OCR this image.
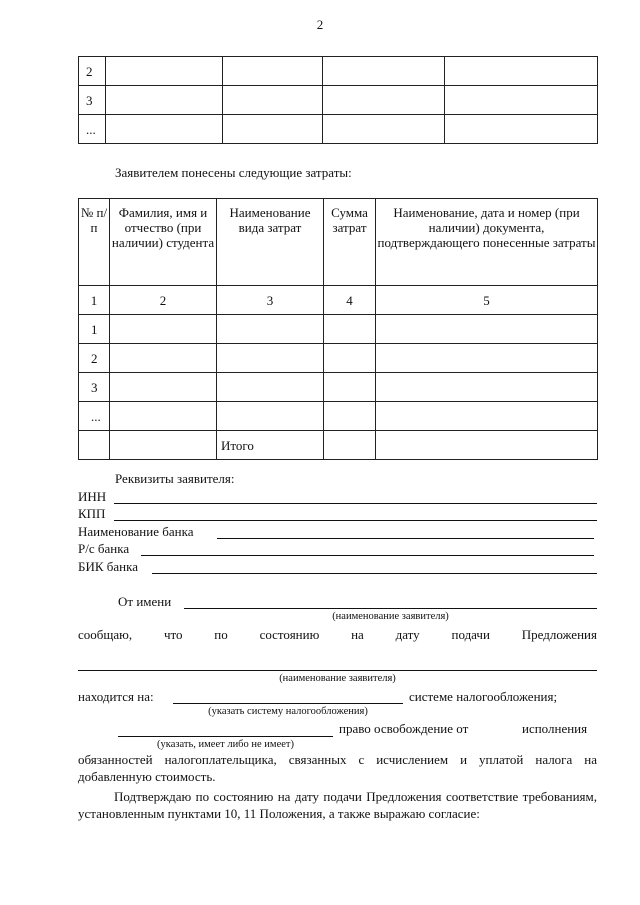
2
2				
3				
...				
Заявителем понесены следующие затраты:
№ п/п	Фамилия, имя и отчество (при наличии) студента	Наименование вида затрат	Сумма затрат	Наименование, дата и номер (при наличии) документа, подтверждающего понесенные затраты
1	2	3	4	5
1				
2				
3				
...				
		Итого		
Реквизиты заявителя:
ИНН
КПП
Наименование банка
Р/с банка
БИК банка
От имени
(наименование заявителя)
сообщаю, что по состоянию на дату подачи Предложения
(наименование заявителя)
находится на:	системе налогообложения;
(указать систему налогообложения)
право освобождение от	исполнения
(указать, имеет либо не имеет)
обязанностей налогоплательщика, связанных с исчислением и уплатой налога на добавленную стоимость.
Подтверждаю по состоянию на дату подачи Предложения соответствие требованиям, установленным пунктами 10, 11 Положения, а также выражаю согласие:
